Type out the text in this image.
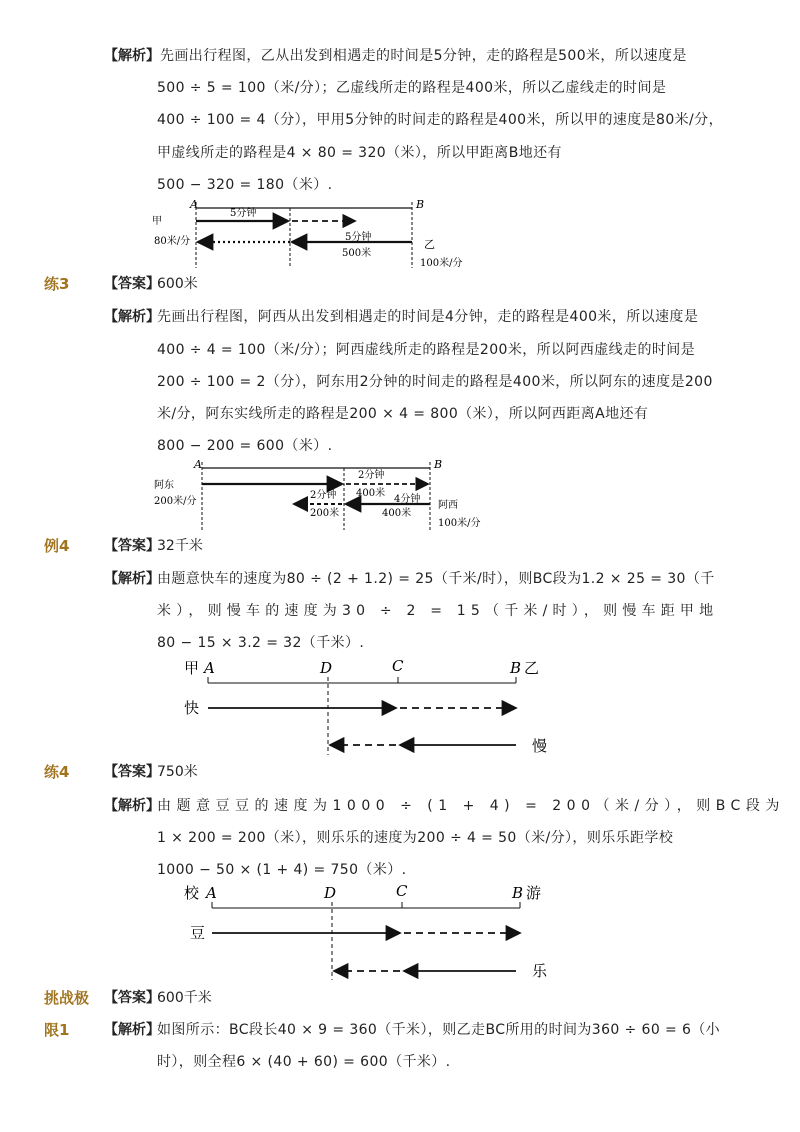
【解析】 先画出行程图，乙从出发到相遇走的时间是5分钟，走的路程是500米，所以速度是
500 ÷ 5 = 100（米/分）；乙虚线所走的路程是400米，所以乙虚线走的时间是
400 ÷ 100 = 4（分），甲用5分钟的时间走的路程是400米，所以甲的速度是80米/分，
甲虚线所走的路程是4 × 80 = 320（米），所以甲距离B地还有
500 − 320 = 180（米）.
A	B
甲
5分钟
80米/分	5分钟
500米
乙
100米/分
练3 【答案】
600米
【解析】
先画出行程图，阿西从出发到相遇走的时间是4分钟，走的路程是400米，所以速度是
400 ÷ 4 = 100（米/分）；阿西虚线所走的路程是200米，所以阿西虚线走的时间是
200 ÷ 100 = 2（分），阿东用2分钟的时间走的路程是400米，所以阿东的速度是200
米/分，阿东实线所走的路程是200 × 4 = 800（米），所以阿西距离A地还有
800 − 200 = 600（米）.
A	B
阿东
200米/分
2分钟
400米
2分钟
200米
4分钟
400米
阿西
100米/分
例4 【答案】
32千米
【解析】
由题意快车的速度为80 ÷ (2 + 1.2) = 25（千米/时），则BC段为1.2 × 25 = 30（千
米），则慢车的速度为30 ÷ 2 = 15（千米/时），则慢车距甲地
80 − 15 × 3.2 = 32（千米）.
甲 A	D	C	B 乙
快
慢
练4 【答案】
750米
【解析】
由题意豆豆的速度为1000 ÷ (1 + 4) = 200（米/分），则BC段为
1 × 200 = 200（米），则乐乐的速度为200 ÷ 4 = 50（米/分），则乐乐距学校
1000 − 50 × (1 + 4) = 750（米）.
校 A	D	C	B 游
豆
乐
挑战极 【答案】
600千米
限1 【解析】
如图所示：BC段长40 × 9 = 360（千米），则乙走BC所用的时间为360 ÷ 60 = 6（小
时），则全程6 × (40 + 60) = 600（千米）.
